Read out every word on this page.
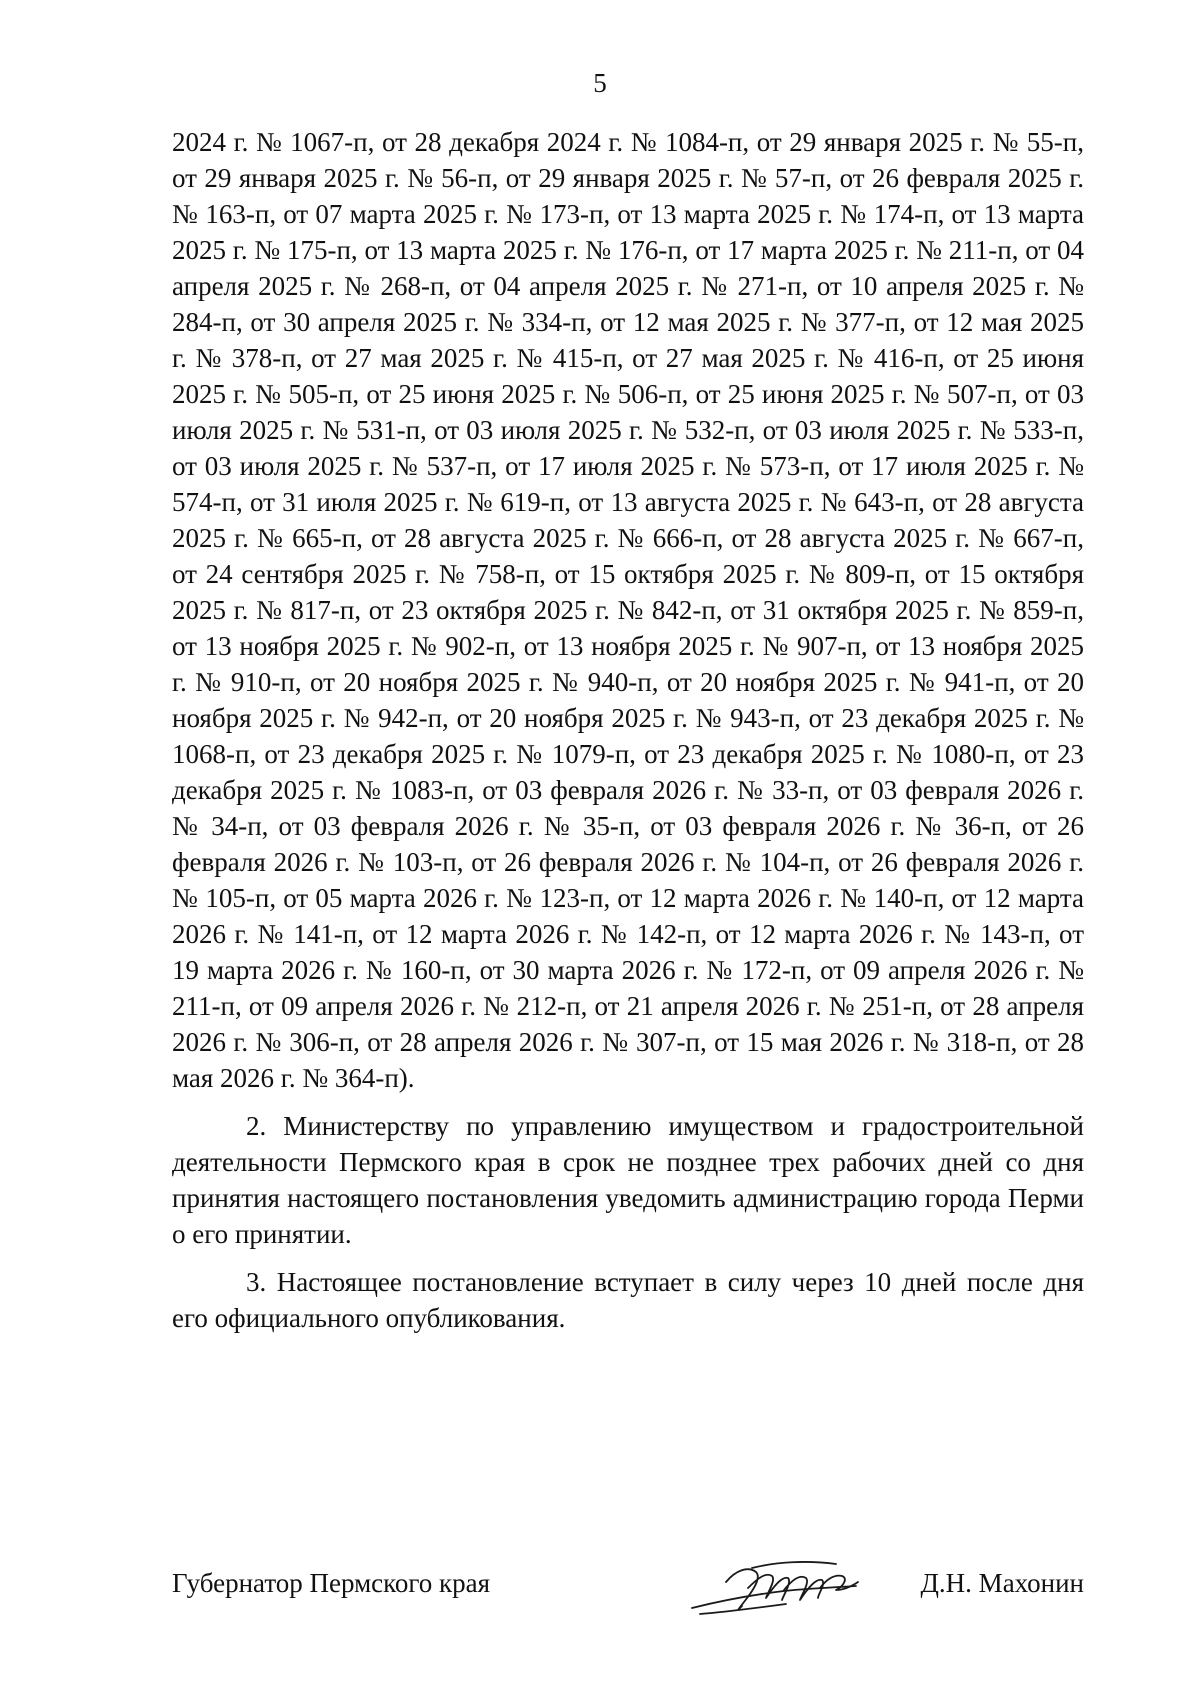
5

2024 г. № 1067-п, от 28 декабря 2024 г. № 1084-п, от 29 января 2025 г. № 55-п, от 29 января 2025 г. № 56-п, от 29 января 2025 г. № 57-п, от 26 февраля 2025 г. № 163-п, от 07 марта 2025 г. № 173-п, от 13 марта 2025 г. № 174-п, от 13 марта 2025 г. № 175-п, от 13 марта 2025 г. № 176-п, от 17 марта 2025 г. № 211-п, от 04 апреля 2025 г. № 268-п, от 04 апреля 2025 г. № 271-п, от 10 апреля 2025 г. № 284-п, от 30 апреля 2025 г. № 334-п, от 12 мая 2025 г. № 377-п, от 12 мая 2025 г. № 378-п, от 27 мая 2025 г. № 415-п, от 27 мая 2025 г. № 416-п, от 25 июня 2025 г. № 505-п, от 25 июня 2025 г. № 506-п, от 25 июня 2025 г. № 507-п, от 03 июля 2025 г. № 531-п, от 03 июля 2025 г. № 532-п, от 03 июля 2025 г. № 533-п, от 03 июля 2025 г. № 537-п, от 17 июля 2025 г. № 573-п, от 17 июля 2025 г. № 574-п, от 31 июля 2025 г. № 619-п, от 13 августа 2025 г. № 643-п, от 28 августа 2025 г. № 665-п, от 28 августа 2025 г. № 666-п, от 28 августа 2025 г. № 667-п, от 24 сентября 2025 г. № 758-п, от 15 октября 2025 г. № 809-п, от 15 октября 2025 г. № 817-п, от 23 октября 2025 г. № 842-п, от 31 октября 2025 г. № 859-п, от 13 ноября 2025 г. № 902-п, от 13 ноября 2025 г. № 907-п, от 13 ноября 2025 г. № 910-п, от 20 ноября 2025 г. № 940-п, от 20 ноября 2025 г. № 941-п, от 20 ноября 2025 г. № 942-п, от 20 ноября 2025 г. № 943-п, от 23 декабря 2025 г. № 1068-п, от 23 декабря 2025 г. № 1079-п, от 23 декабря 2025 г. № 1080-п, от 23 декабря 2025 г. № 1083-п, от 03 февраля 2026 г. № 33-п, от 03 февраля 2026 г. № 34-п, от 03 февраля 2026 г. № 35-п, от 03 февраля 2026 г. № 36-п, от 26 февраля 2026 г. № 103-п, от 26 февраля 2026 г. № 104-п, от 26 февраля 2026 г. № 105-п, от 05 марта 2026 г. № 123-п, от 12 марта 2026 г. № 140-п, от 12 марта 2026 г. № 141-п, от 12 марта 2026 г. № 142-п, от 12 марта 2026 г. № 143-п, от 19 марта 2026 г. № 160-п, от 30 марта 2026 г. № 172-п, от 09 апреля 2026 г. № 211-п, от 09 апреля 2026 г. № 212-п, от 21 апреля 2026 г. № 251-п, от 28 апреля 2026 г. № 306-п, от 28 апреля 2026 г. № 307-п, от 15 мая 2026 г. № 318-п, от 28 мая 2026 г. № 364-п).

2. Министерству по управлению имуществом и градостроительной деятельности Пермского края в срок не позднее трех рабочих дней со дня принятия настоящего постановления уведомить администрацию города Перми о его принятии.

3. Настоящее постановление вступает в силу через 10 дней после дня его официального опубликования.

Губернатор Пермского края	Д.Н. Махонин
